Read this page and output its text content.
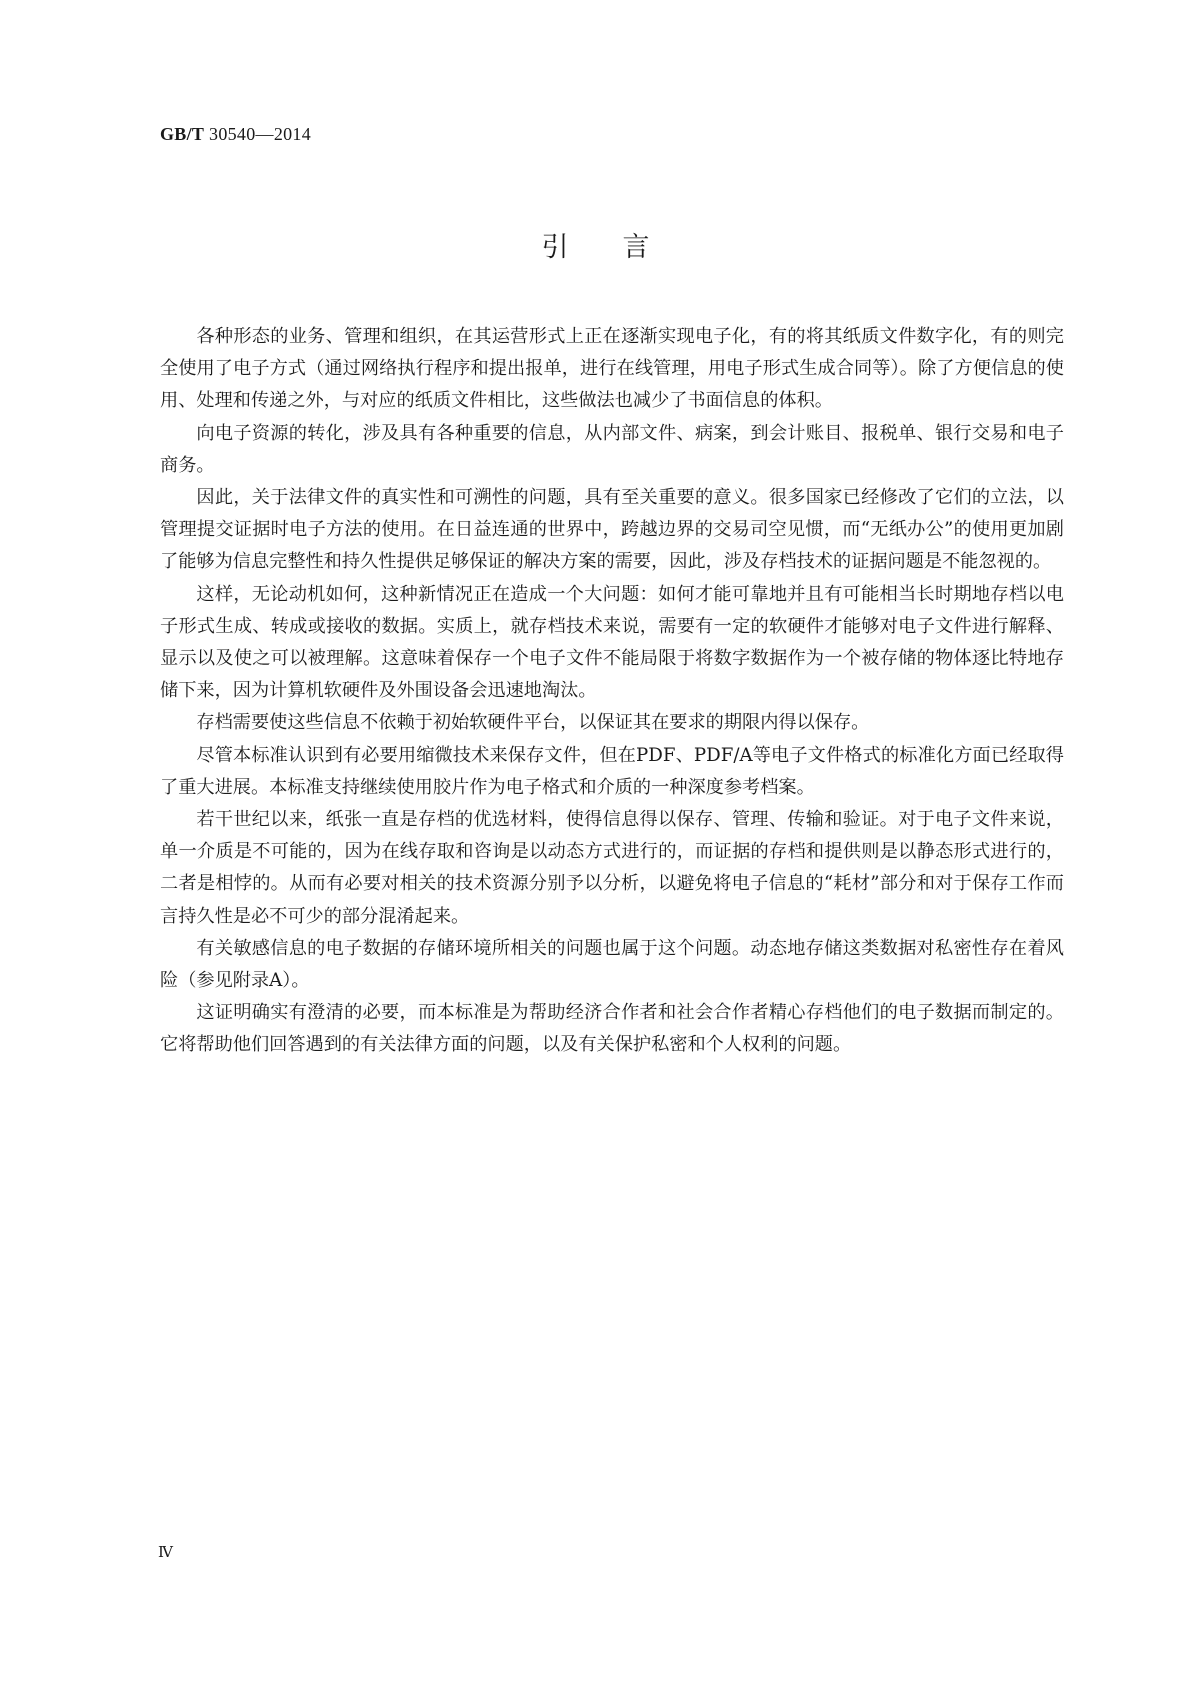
GB/T 30540—2014
引言

各种形态的业务、管理和组织，在其运营形式上正在逐渐实现电子化，有的将其纸质文件数字化，有的则完全使用了电子方式（通过网络执行程序和提出报单，进行在线管理，用电子形式生成合同等）。除了方便信息的使用、处理和传递之外，与对应的纸质文件相比，这些做法也减少了书面信息的体积。

向电子资源的转化，涉及具有各种重要的信息，从内部文件、病案，到会计账目、报税单、银行交易和电子商务。

因此，关于法律文件的真实性和可溯性的问题，具有至关重要的意义。很多国家已经修改了它们的立法，以管理提交证据时电子方法的使用。在日益连通的世界中，跨越边界的交易司空见惯，而“无纸办公”的使用更加剧了能够为信息完整性和持久性提供足够保证的解决方案的需要，因此，涉及存档技术的证据问题是不能忽视的。

这样，无论动机如何，这种新情况正在造成一个大问题：如何才能可靠地并且有可能相当长时期地存档以电子形式生成、转成或接收的数据。实质上，就存档技术来说，需要有一定的软硬件才能够对电子文件进行解释、显示以及使之可以被理解。这意味着保存一个电子文件不能局限于将数字数据作为一个被存储的物体逐比特地存储下来，因为计算机软硬件及外围设备会迅速地淘汰。

存档需要使这些信息不依赖于初始软硬件平台，以保证其在要求的期限内得以保存。

尽管本标准认识到有必要用缩微技术来保存文件，但在PDF、PDF/A等电子文件格式的标准化方面已经取得了重大进展。本标准支持继续使用胶片作为电子格式和介质的一种深度参考档案。

若干世纪以来，纸张一直是存档的优选材料，使得信息得以保存、管理、传输和验证。对于电子文件来说，单一介质是不可能的，因为在线存取和咨询是以动态方式进行的，而证据的存档和提供则是以静态形式进行的，二者是相悖的。从而有必要对相关的技术资源分别予以分析，以避免将电子信息的“耗材”部分和对于保存工作而言持久性是必不可少的部分混淆起来。

有关敏感信息的电子数据的存储环境所相关的问题也属于这个问题。动态地存储这类数据对私密性存在着风险（参见附录A）。

这证明确实有澄清的必要，而本标准是为帮助经济合作者和社会合作者精心存档他们的电子数据而制定的。它将帮助他们回答遇到的有关法律方面的问题，以及有关保护私密和个人权利的问题。

Ⅳ
